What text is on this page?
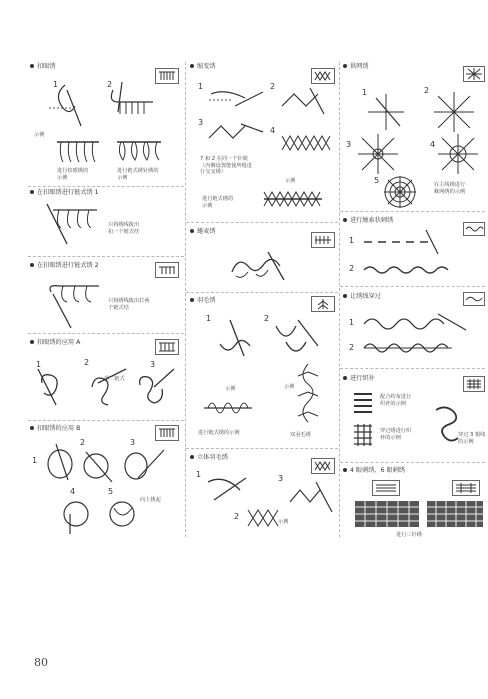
扣眼绣
1	2
示例
进行扣眼绣的
示例
进行链式绣针绣的
示例
在扣眼绣进行链式绣 1
只将绣线拨出
扣一个链式结
在扣眼绣进行链式绣 2
只将绣线拨出打两
个链式结
扣眼绣的应用 A
1	2	3
第二链式
扣眼绣的应用 B
1
2	3
4	5
向上挑起
缩变绣
1	2
3
4
7 和 2 在同一个针眼
（内侧设置能使所缝进
行交叉绣）
示例
进行链式绣的
示例
蜷麦绣
羽毛绣
1	2
示例	示例
进行链式绣的示例	双羽毛绣
立体羽毛绣
1
2
3
示例
供网绣
1	2
3	4
5	在主线绣进行
蛛网绣的示例
进行缠索状刺绣
1
2
让绣线穿过
1
2
进行织补
配合约布进行
织补的示例
穿过绣进行织
补的示例	穿过 3 根线
的示例
4 眼刺绣、6 眼刺绣
进行三针绣
80
